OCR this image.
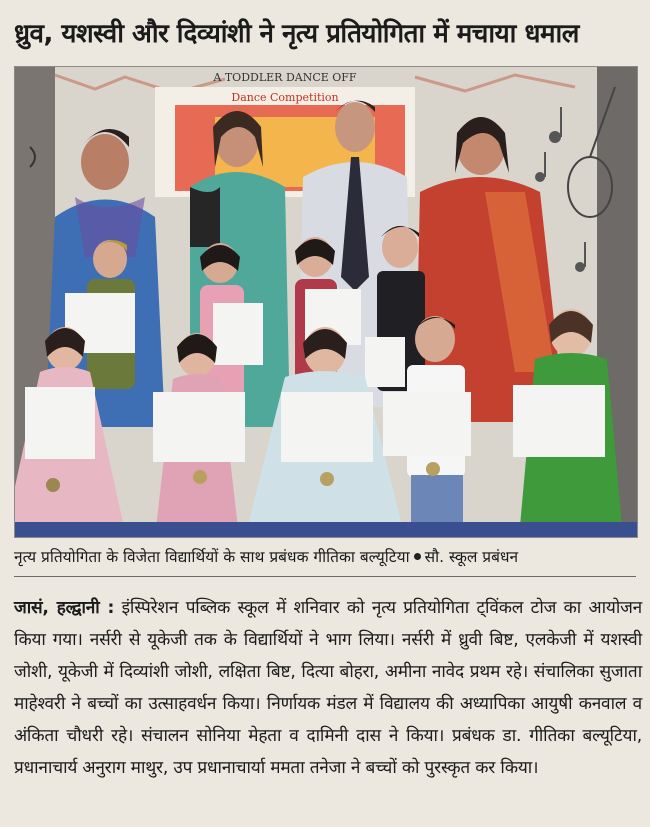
ध्रुव, यशस्वी और दिव्यांशी ने नृत्य प्रतियोगिता में मचाया धमाल
A TODDLER DANCE OFF
Dance Competition
नृत्य प्रतियोगिता के विजेता विद्यार्थियों के साथ प्रबंधक गीतिका बल्यूटिया सौ. स्कूल प्रबंधन
जासं, हल्द्वानी : इंस्पिरेशन पब्लिक स्कूल में शनिवार को नृत्य प्रतियोगिता ट्विंकल टोज का आयोजन किया गया। नर्सरी से यूकेजी तक के विद्यार्थियों ने भाग लिया। नर्सरी में ध्रुवी बिष्ट, एलकेजी में यशस्वी जोशी, यूकेजी में दिव्यांशी जोशी, लक्षिता बिष्ट, दित्या बोहरा, अमीना नावेद प्रथम रहे। संचालिका सुजाता माहेश्वरी ने बच्चों का उत्साहवर्धन किया। निर्णायक मंडल में विद्यालय की अध्यापिका आयुषी कनवाल व अंकिता चौधरी रहे। संचालन सोनिया मेहता व दामिनी दास ने किया। प्रबंधक डा. गीतिका बल्यूटिया, प्रधानाचार्य अनुराग माथुर, उप प्रधानाचार्या ममता तनेजा ने बच्चों को पुरस्कृत कर किया।
